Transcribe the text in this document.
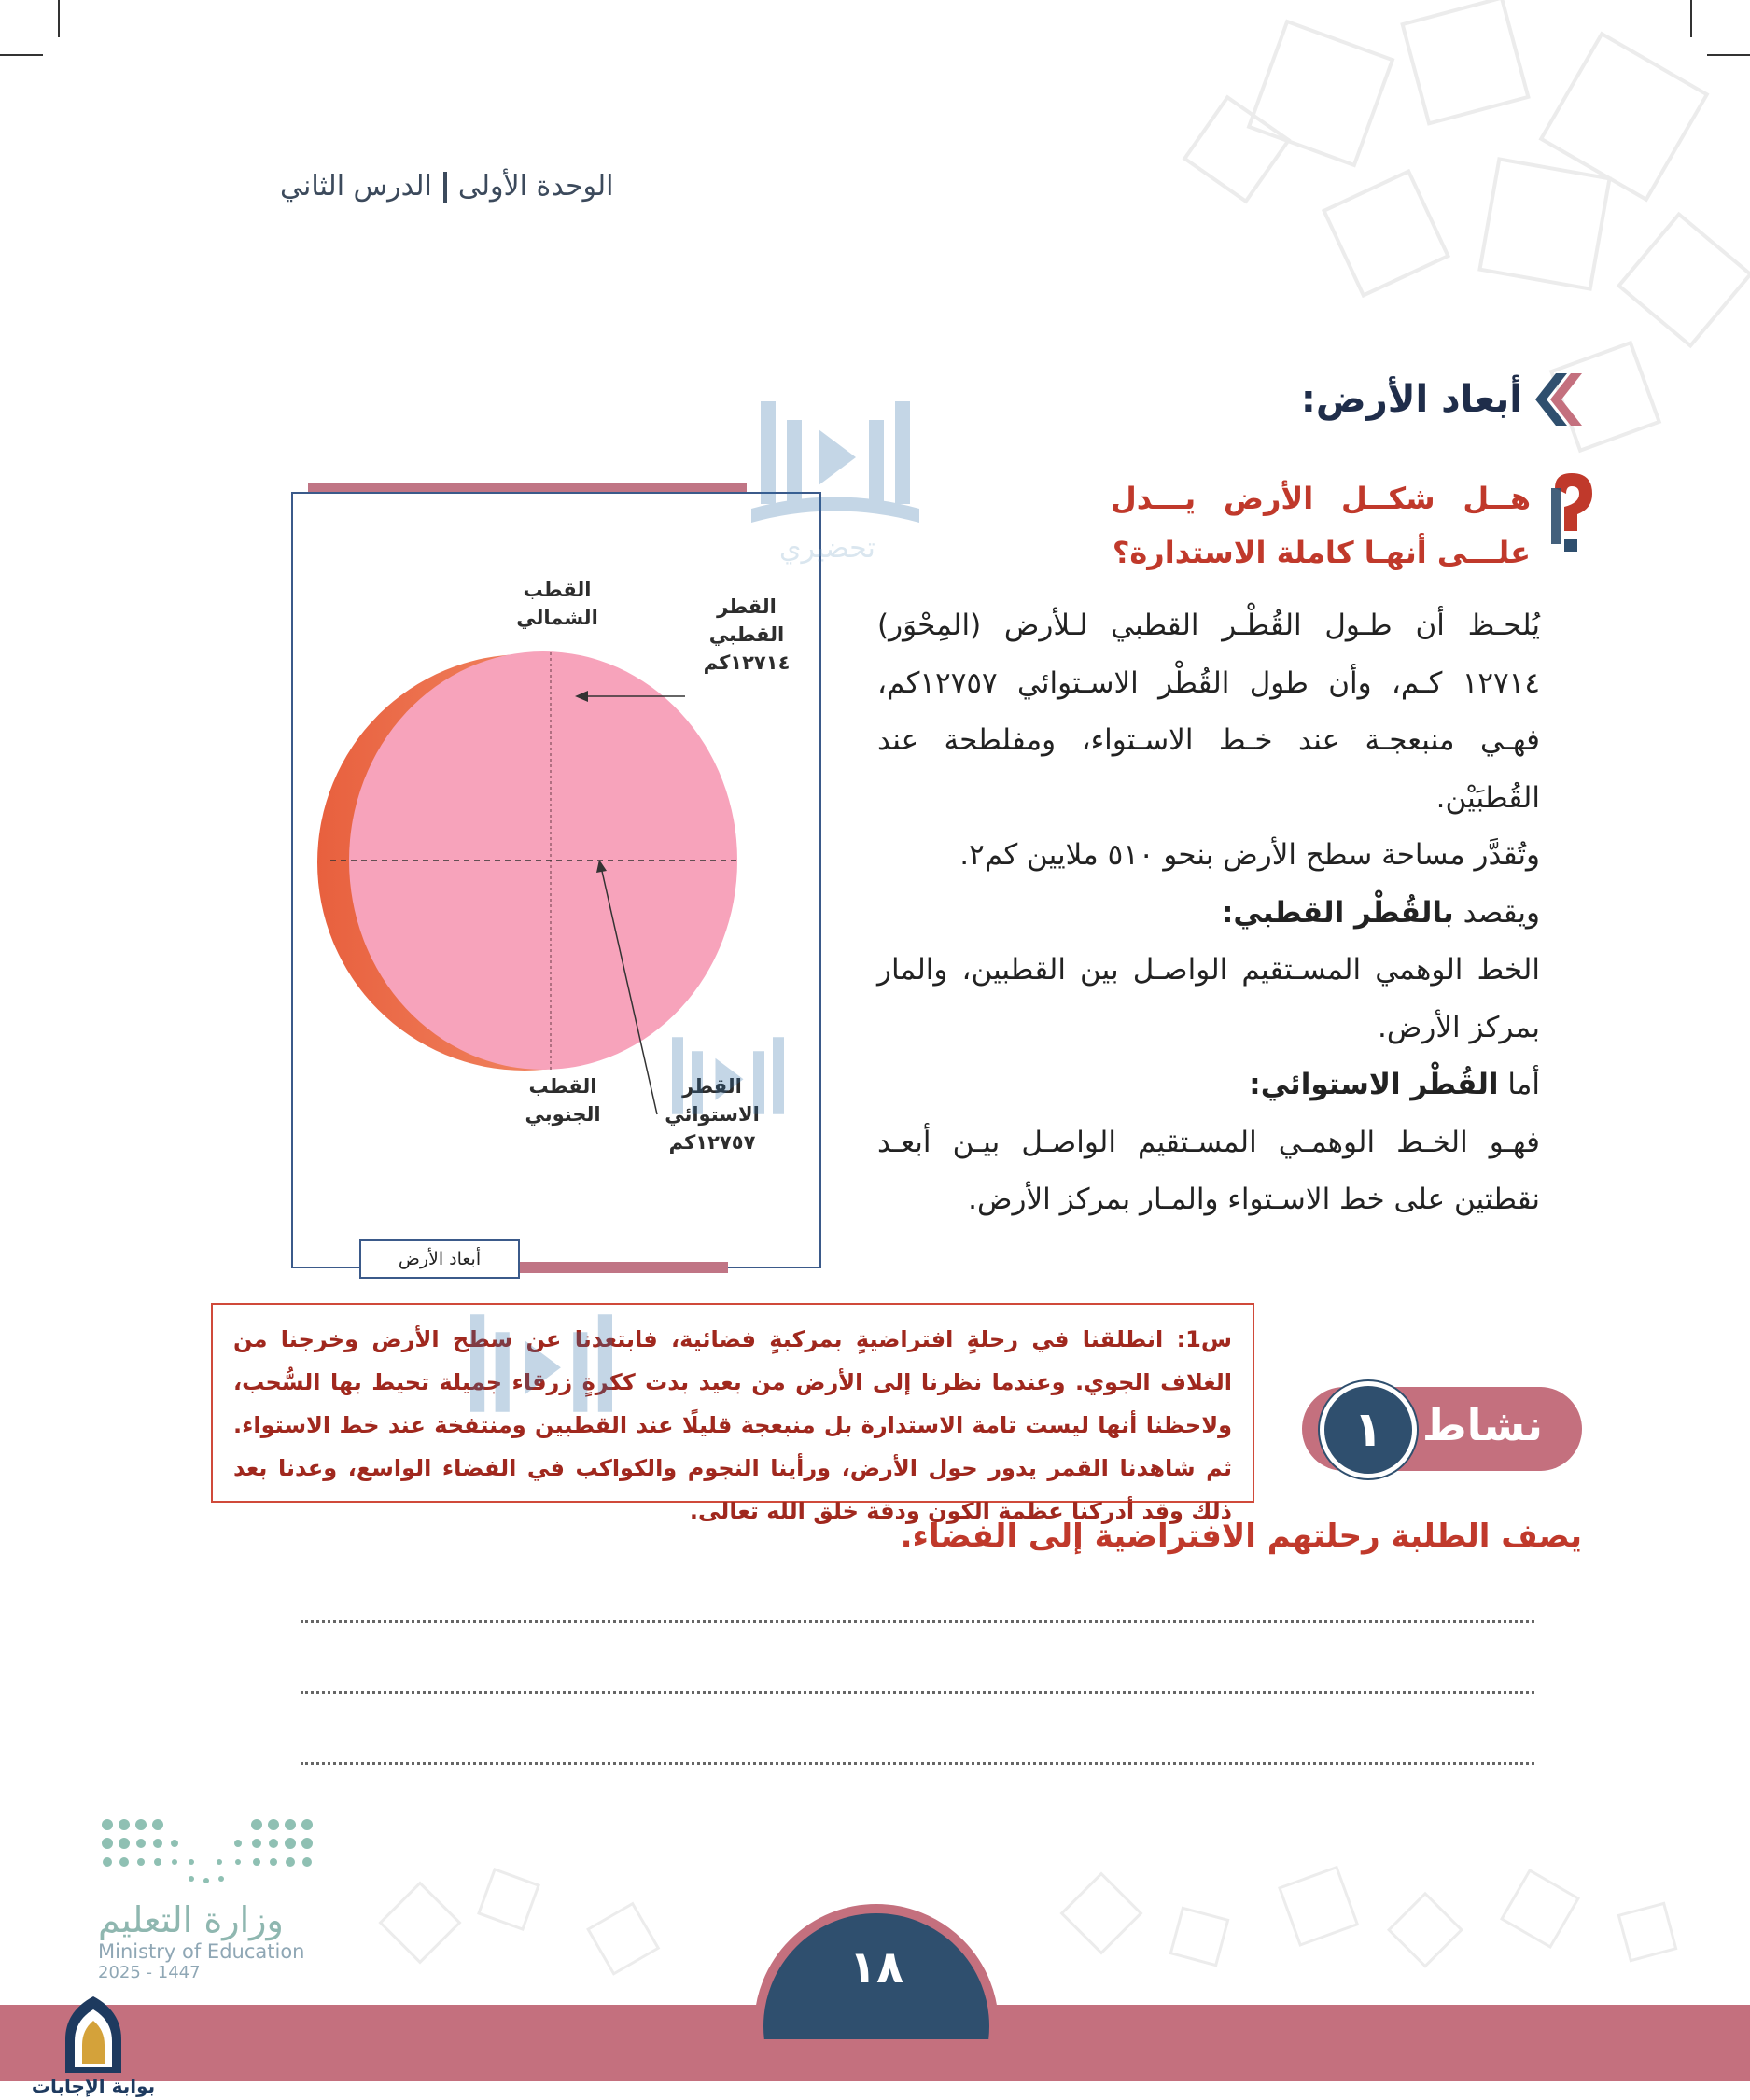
الوحدة الأولىالدرس الثاني
أبعاد الأرض:
هــل شكــل الأرض يـــدل علـــى أنهـا كاملة الاستدارة؟

يُلحـظ أن طـول القُطْـر القطبي لـلأرض (المِحْوَر) ١٢٧١٤ كـم، وأن طول القُطْر الاسـتوائي ١٢٧٥٧كم، فهـي منبعجـة عند خـط الاسـتواء، ومفلطحة عند القُطبَيْن.

وتُقدَّر مساحة سطح الأرض بنحو ٥١٠ ملايين كم٢.

ويقصد بالقُطْر القطبي:

الخط الوهمي المسـتقيم الواصـل بين القطبين، والمار بمركز الأرض.

أما القُطْر الاستوائي:

فهـو الخـط الوهمـي المسـتقيم الواصـل بيـن أبعـد نقطتين على خط الاسـتواء والمـار بمركز الأرض.

القطب الشمالي	القطر القطبي ١٢٧١٤كم
القطب الجنوبي
القطر الاستوائي ١٢٧٥٧كم
أبعاد الأرض
س1: انطلقنا في رحلةٍ افتراضيةٍ بمركبةٍ فضائية، فابتعدنا عن سطح الأرض وخرجنا من الغلاف الجوي. وعندما نظرنا إلى الأرض من بعيد بدت ككرةٍ زرقاء جميلة تحيط بها السُّحب، ولاحظنا أنها ليست تامة الاستدارة بل منبعجة قليلًا عند القطبين ومنتفخة عند خط الاستواء. ثم شاهدنا القمر يدور حول الأرض، ورأينا النجوم والكواكب في الفضاء الواسع، وعدنا بعد ذلك وقد أدركنا عظمة الكون ودقة خلق الله تعالى.
نشاط
١
يصف الطلبة رحلتهم الافتراضية إلى الفضاء.
تحضيري
١٨
وزارة التعليم
Ministry of Education
2025 - 1447
بوابة الإجابات
